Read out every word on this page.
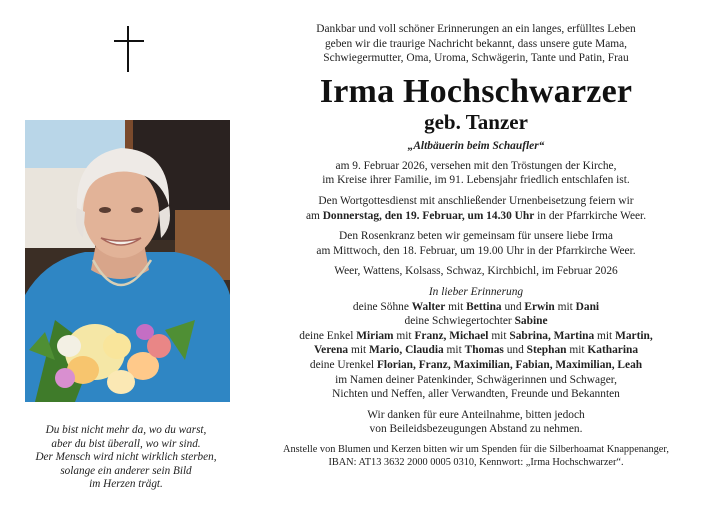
Du bist nicht mehr da, wo du warst,
aber du bist überall, wo wir sind.
Der Mensch wird nicht wirklich sterben,
solange ein anderer sein Bild
im Herzen trägt.
Dankbar und voll schöner Erinnerungen an ein langes, erfülltes Leben
geben wir die traurige Nachricht bekannt, dass unsere gute Mama,
Schwiegermutter, Oma, Uroma, Schwägerin, Tante und Patin, Frau
Irma Hochschwarzer
geb. Tanzer
„Altbäuerin beim Schaufler“
am 9. Februar 2026, versehen mit den Tröstungen der Kirche,
im Kreise ihrer Familie, im 91. Lebensjahr friedlich entschlafen ist.
Den Wortgottesdienst mit anschließender Urnenbeisetzung feiern wir
am Donnerstag, den 19. Februar, um 14.30 Uhr in der Pfarrkirche Weer.
Den Rosenkranz beten wir gemeinsam für unsere liebe Irma
am Mittwoch, den 18. Februar, um 19.00 Uhr in der Pfarrkirche Weer.
Weer, Wattens, Kolsass, Schwaz, Kirchbichl, im Februar 2026
In lieber Erinnerung
deine Söhne Walter mit Bettina und Erwin mit Dani
deine Schwiegertochter Sabine
deine Enkel Miriam mit Franz, Michael mit Sabrina, Martina mit Martin,
Verena mit Mario, Claudia mit Thomas und Stephan mit Katharina
deine Urenkel Florian, Franz, Maximilian, Fabian, Maximilian, Leah
im Namen deiner Patenkinder, Schwägerinnen und Schwager,
Nichten und Neffen, aller Verwandten, Freunde und Bekannten
Wir danken für eure Anteilnahme, bitten jedoch
von Beileidsbezeugungen Abstand zu nehmen.
Anstelle von Blumen und Kerzen bitten wir um Spenden für die Silberhoamat Knappenanger,
IBAN: AT13 3632 2000 0005 0310, Kennwort: „Irma Hochschwarzer“.
